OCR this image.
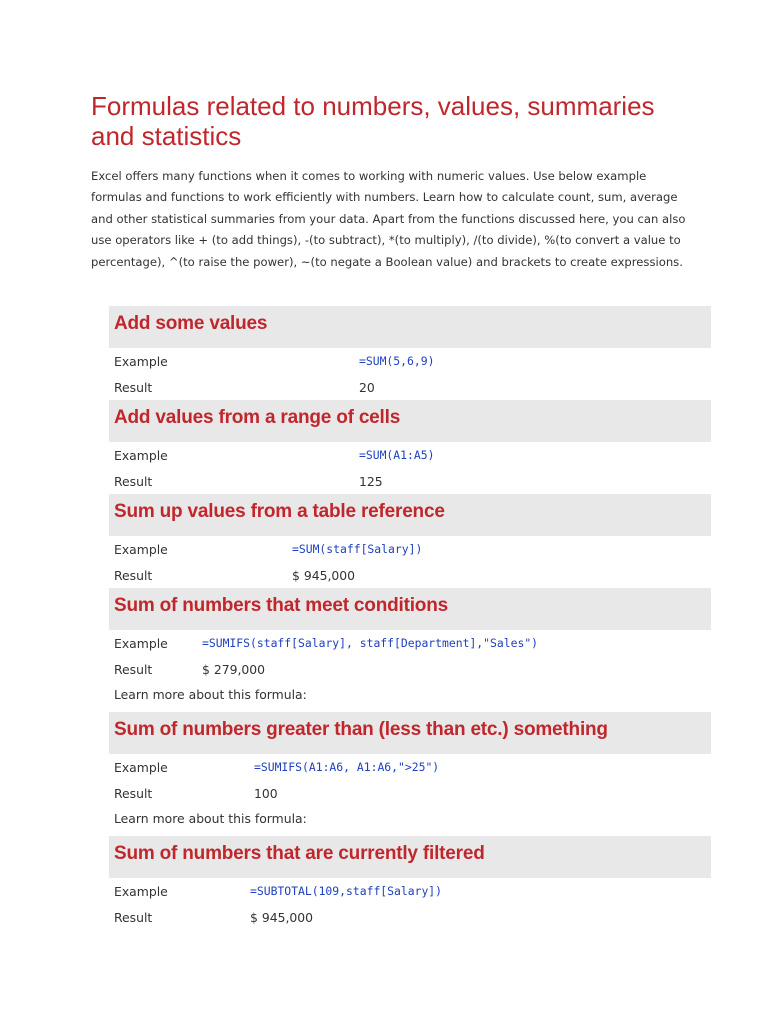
Formulas related to numbers, values, summaries and statistics

Excel offers many functions when it comes to working with numeric values. Use below example formulas and functions to work efficiently with numbers. Learn how to calculate count, sum, average and other statistical summaries from your data. Apart from the functions discussed here, you can also use operators like + (to add things), -(to subtract), *(to multiply), /(to divide), %(to convert a value to percentage), ^(to raise the power), ~(to negate a Boolean value) and brackets to create expressions.

Add some values
Example	=SUM(5,6,9)
Result	20
Add values from a range of cells
Example	=SUM(A1:A5)
Result	125
Sum up values from a table reference
Example	=SUM(staff[Salary])
Result	$ 945,000
Sum of numbers that meet conditions
Example	=SUMIFS(staff[Salary], staff[Department],"Sales")
Result	$ 279,000
Learn more about this formula:
Sum of numbers greater than (less than etc.) something
Example	=SUMIFS(A1:A6, A1:A6,">25")
Result	100
Learn more about this formula:
Sum of numbers that are currently filtered
Example	=SUBTOTAL(109,staff[Salary])
Result	$ 945,000
